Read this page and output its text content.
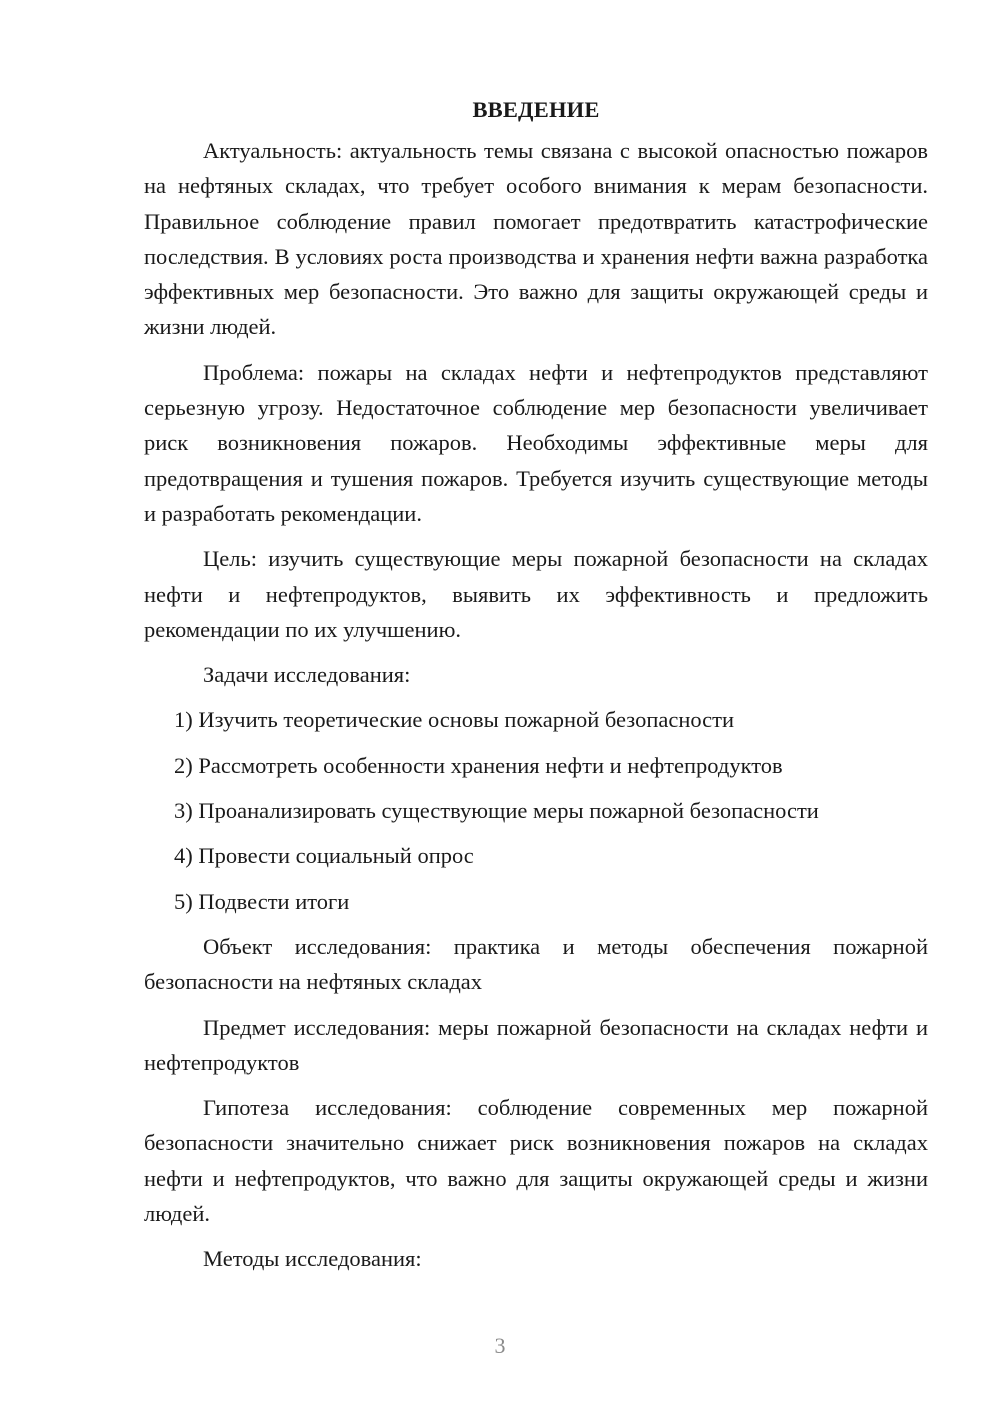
ВВЕДЕНИЕ

Актуальность: актуальность темы связана с высокой опасностью пожаров на нефтяных складах, что требует особого внимания к мерам безопасности. Правильное соблюдение правил помогает предотвратить катастрофические последствия. В условиях роста производства и хранения нефти важна разработка эффективных мер безопасности. Это важно для защиты окружающей среды и жизни людей.

Проблема: пожары на складах нефти и нефтепродуктов представляют серьезную угрозу. Недостаточное соблюдение мер безопасности увеличивает риск возникновения пожаров. Необходимы эффективные меры для предотвращения и тушения пожаров. Требуется изучить существующие методы и разработать рекомендации.

Цель: изучить существующие меры пожарной безопасности на складах нефти и нефтепродуктов, выявить их эффективность и предложить рекомендации по их улучшению.

Задачи исследования:

1) Изучить теоретические основы пожарной безопасности
2) Рассмотреть особенности хранения нефти и нефтепродуктов
3) Проанализировать существующие меры пожарной безопасности
4) Провести социальный опрос
5) Подвести итоги

Объект исследования: практика и методы обеспечения пожарной безопасности на нефтяных складах

Предмет исследования: меры пожарной безопасности на складах нефти и нефтепродуктов

Гипотеза исследования: соблюдение современных мер пожарной безопасности значительно снижает риск возникновения пожаров на складах нефти и нефтепродуктов, что важно для защиты окружающей среды и жизни людей.

Методы исследования:

3
